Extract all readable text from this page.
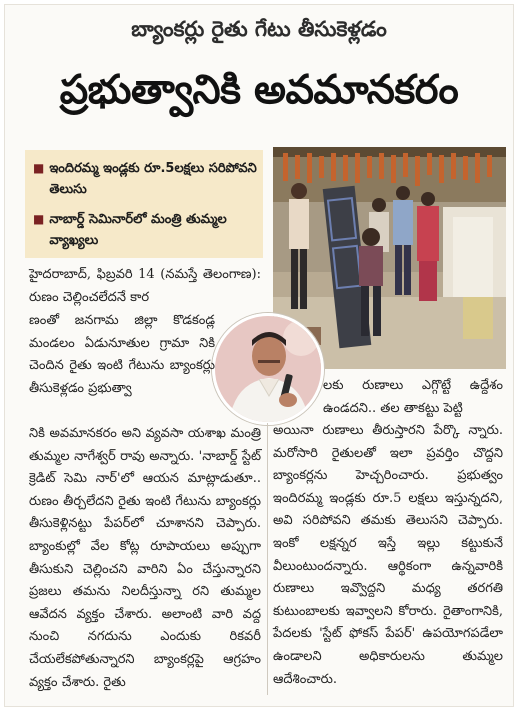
బ్యాంకర్లు రైతు గేటు తీసుకెళ్లడం
ప్రభుత్వానికి అవమానకరం
■ ఇందిరమ్మ ఇండ్లకు రూ.5లక్షలు సరిపోవని తెలుసు
■ నాబార్డ్ సెమినార్‌లో మంత్రి తుమ్మల వ్యాఖ్యలు

హైదరాబాద్, ఫిబ్రవరి 14 (నమస్తే తెలంగాణ): రుణం చెల్లించలేదనే కార

ణంతో జనగామ జిల్లా కొడకండ్ల మండలం ఏడునూతుల గ్రామా నికి చెందిన రైతు ఇంటి గేటును బ్యాంకర్లు తీసుకెళ్లడం ప్రభుత్వా

నికి అవమానకరం అని వ్యవసా యశాఖ మంత్రి తుమ్మల నాగేశ్వర్ రావు అన్నారు. 'నాబార్డ్ స్టేట్ క్రెడిట్ సెమి నార్'లో ఆయన మాట్లాడుతూ.. రుణం తీర్చలేదని రైతు ఇంటి గేటును బ్యాంకర్లు తీసుకెళ్లినట్టు పేపర్‌లో చూశానని చెప్పారు. బ్యాంకుల్లో వేల కోట్ల రూపాయలు అప్పుగా తీసుకుని చెల్లించని వారిని ఏం చేస్తున్నారని ప్రజలు తమను నిలదీస్తున్నా రని తుమ్మల ఆవేదన వ్యక్తం చేశారు. అలాంటి వారి వద్ద నుంచి నగదును ఎందుకు రికవరీ చేయలేకపోతున్నారని బ్యాంకర్లపై ఆగ్రహం వ్యక్తం చేశారు. రైతు

లకు రుణాలు ఎగ్గొట్టే ఉద్దేశం ఉండదని.. తల తాకట్టు పెట్టి

అయినా రుణాలు తీరుస్తారని పేర్కొ న్నారు. మరోసారి రైతులతో ఇలా ప్రవర్తిం చొద్దని బ్యాంకర్లను హెచ్చరించారు. ప్రభుత్వం ఇందిరమ్మ ఇండ్లకు రూ.5 లక్షలు ఇస్తున్నదని, అవి సరిపోవని తమకు తెలుసని చెప్పారు. ఇంకో లక్షన్నర ఇస్తే ఇల్లు కట్టుకునే వీలుంటుందన్నారు. ఆర్థికంగా ఉన్నవారికి రుణాలు ఇవ్వొద్దని మధ్య తరగతి కుటుంబాలకు ఇవ్వాలని కోరారు. రైతాంగానికి, పేదలకు 'స్టేట్ ఫోకస్ పేపర్' ఉపయోగపడేలా ఉండాలని అధికారులను తుమ్మల ఆదేశించారు.
